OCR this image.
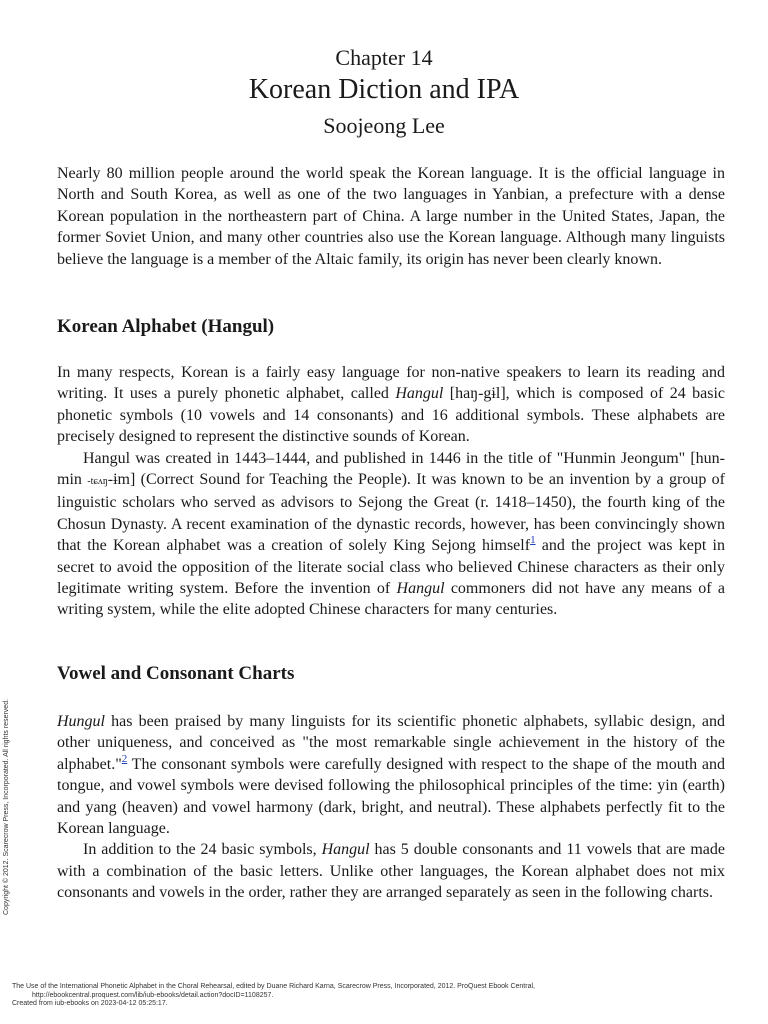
Chapter 14
Korean Diction and IPA
Soojeong Lee

Nearly 80 million people around the world speak the Korean language. It is the official language in North and South Korea, as well as one of the two languages in Yanbian, a prefecture with a dense Korean population in the northeastern part of China. A large number in the United States, Japan, the former Soviet Union, and many other countries also use the Korean language. Although many linguists believe the language is a member of the Altaic family, its origin has never been clearly known.

Korean Alphabet (Hangul)

In many respects, Korean is a fairly easy language for non-native speakers to learn its reading and writing. It uses a purely phonetic alphabet, called Hangul [haŋ-gɨl], which is composed of 24 basic phonetic symbols (10 vowels and 14 consonants) and 16 additional symbols. These alphabets are precisely designed to represent the distinctive sounds of Korean.

Hangul was created in 1443–1444, and published in 1446 in the title of "Hunmin Jeongum" [hun-min -tɕʌŋ-ɨm] (Correct Sound for Teaching the People). It was known to be an invention by a group of linguistic scholars who served as advisors to Sejong the Great (r. 1418–1450), the fourth king of the Chosun Dynasty. A recent examination of the dynastic records, however, has been convincingly shown that the Korean alphabet was a creation of solely King Sejong himself$^1$ and the project was kept in secret to avoid the opposition of the literate social class who believed Chinese characters as their only legitimate writing system. Before the invention of Hangul commoners did not have any means of a writing system, while the elite adopted Chinese characters for many centuries.

Vowel and Consonant Charts

Hungul has been praised by many linguists for its scientific phonetic alphabets, syllabic design, and other uniqueness, and conceived as "the most remarkable single achievement in the history of the alphabet."$^2$ The consonant symbols were carefully designed with respect to the shape of the mouth and tongue, and vowel symbols were devised following the philosophical principles of the time: yin (earth) and yang (heaven) and vowel harmony (dark, bright, and neutral). These alphabets perfectly fit to the Korean language.

In addition to the 24 basic symbols, Hangul has 5 double consonants and 11 vowels that are made with a combination of the basic letters. Unlike other languages, the Korean alphabet does not mix consonants and vowels in the order, rather they are arranged separately as seen in the following charts.

Copyright © 2012. Scarecrow Press, Incorporated. All rights reserved.
The Use of the International Phonetic Alphabet in the Choral Rehearsal, edited by Duane Richard Karna, Scarecrow Press, Incorporated, 2012. ProQuest Ebook Central,
http://ebookcentral.proquest.com/lib/iub-ebooks/detail.action?docID=1108257.
Created from iub-ebooks on 2023-04-12 05:25:17.
